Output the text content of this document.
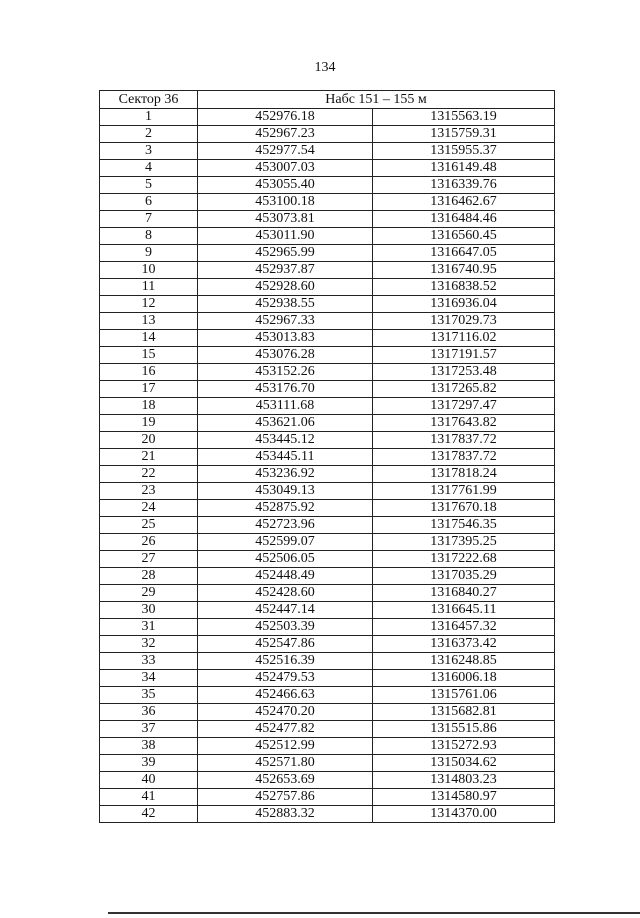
134
Сектор 36	Набс 151 – 155 м	
1	452976.18	1315563.19
2	452967.23	1315759.31
3	452977.54	1315955.37
4	453007.03	1316149.48
5	453055.40	1316339.76
6	453100.18	1316462.67
7	453073.81	1316484.46
8	453011.90	1316560.45
9	452965.99	1316647.05
10	452937.87	1316740.95
11	452928.60	1316838.52
12	452938.55	1316936.04
13	452967.33	1317029.73
14	453013.83	1317116.02
15	453076.28	1317191.57
16	453152.26	1317253.48
17	453176.70	1317265.82
18	453111.68	1317297.47
19	453621.06	1317643.82
20	453445.12	1317837.72
21	453445.11	1317837.72
22	453236.92	1317818.24
23	453049.13	1317761.99
24	452875.92	1317670.18
25	452723.96	1317546.35
26	452599.07	1317395.25
27	452506.05	1317222.68
28	452448.49	1317035.29
29	452428.60	1316840.27
30	452447.14	1316645.11
31	452503.39	1316457.32
32	452547.86	1316373.42
33	452516.39	1316248.85
34	452479.53	1316006.18
35	452466.63	1315761.06
36	452470.20	1315682.81
37	452477.82	1315515.86
38	452512.99	1315272.93
39	452571.80	1315034.62
40	452653.69	1314803.23
41	452757.86	1314580.97
42	452883.32	1314370.00
